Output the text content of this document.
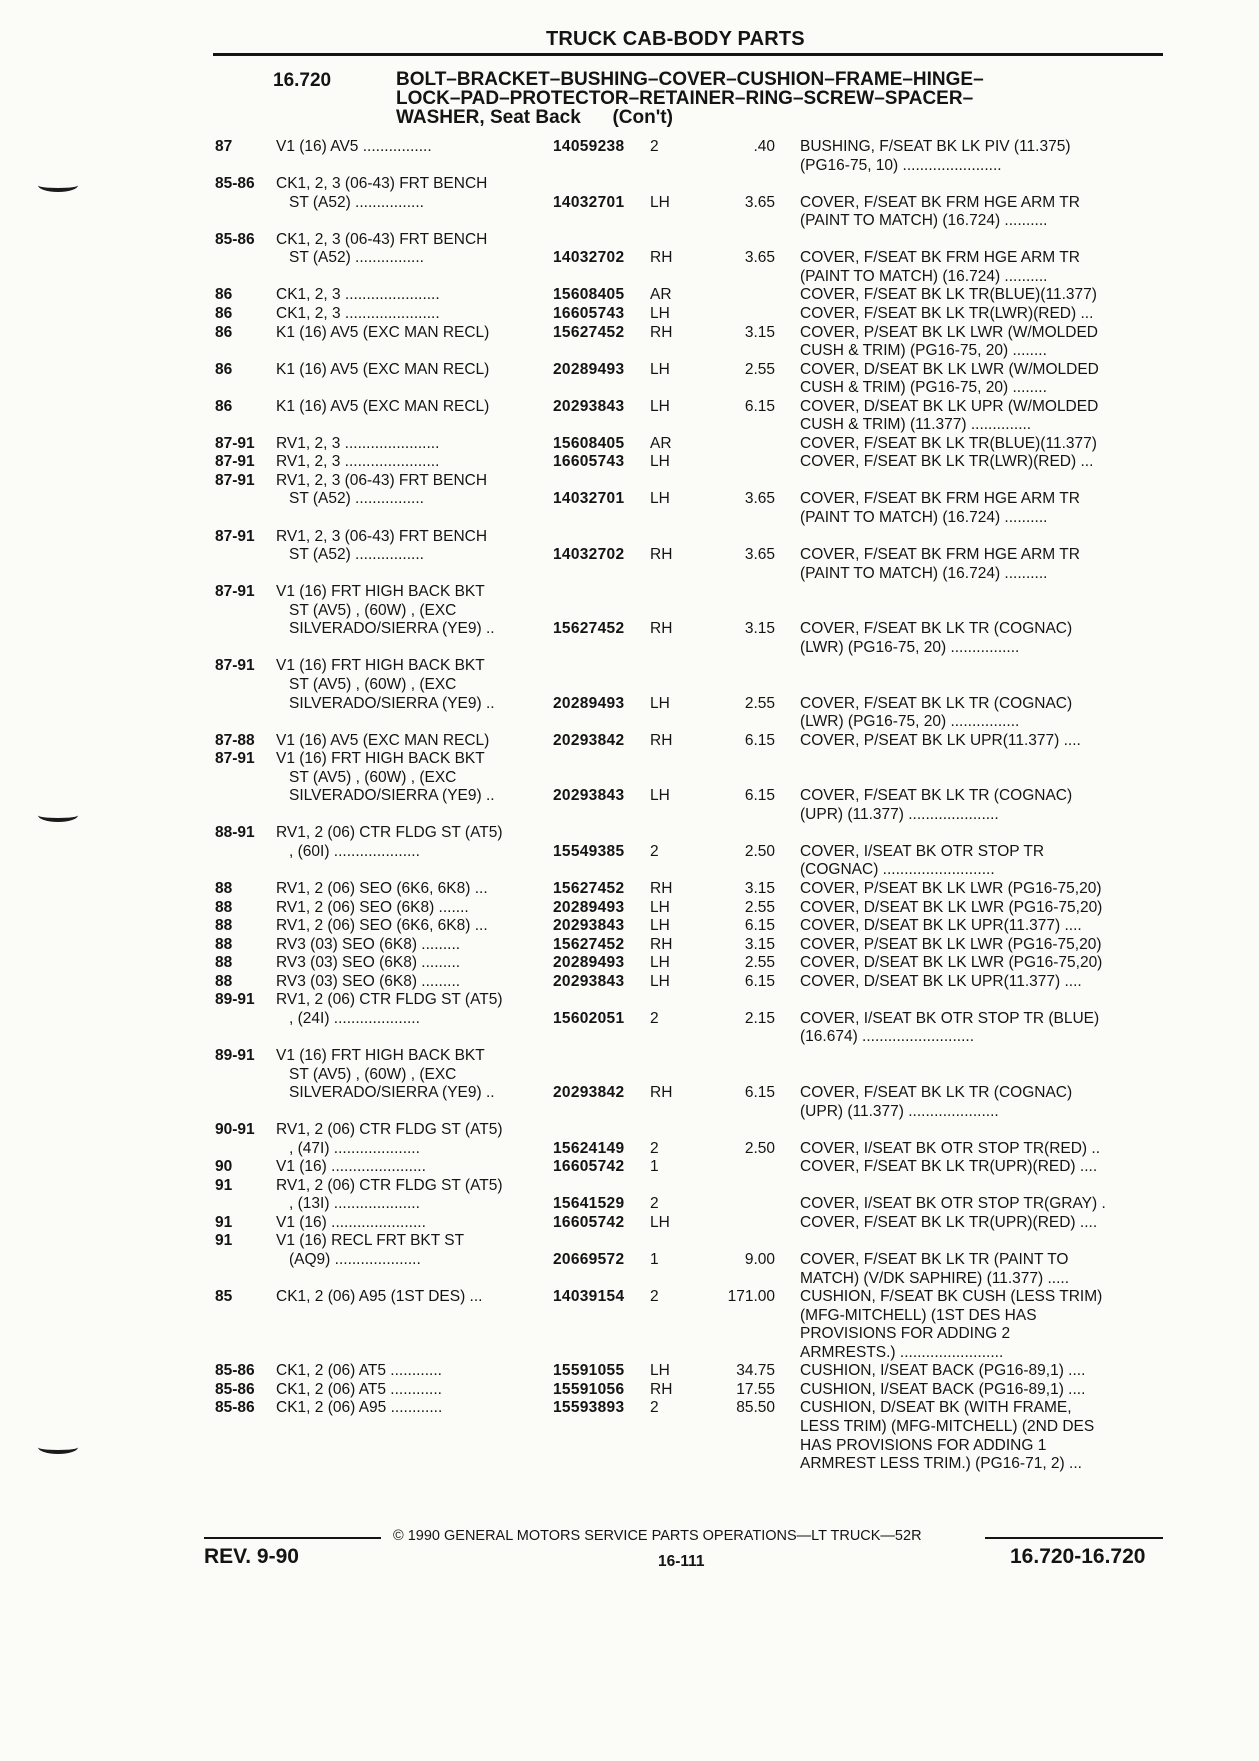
TRUCK CAB-BODY PARTS
16.720	BOLT–BRACKET–BUSHING–COVER–CUSHION–FRAME–HINGE–
LOCK–PAD–PROTECTOR–RETAINER–RING–SCREW–SPACER–
WASHER, Seat Back      (Con't)
87	V1 (16) AV5 ................	14059238	2	.40 BUSHING, F/SEAT BK LK PIV (11.375)
(PG16-75, 10) .......................
85-86	CK1, 2, 3 (06-43) FRT BENCH
ST (A52) ................	14032701	LH	3.65 COVER, F/SEAT BK FRM HGE ARM TR
(PAINT TO MATCH) (16.724) ..........
85-86	CK1, 2, 3 (06-43) FRT BENCH
ST (A52) ................	14032702	RH	3.65 COVER, F/SEAT BK FRM HGE ARM TR
(PAINT TO MATCH) (16.724) ..........
86	CK1, 2, 3 ......................	15608405	AR	COVER, F/SEAT BK LK TR(BLUE)(11.377)
86	CK1, 2, 3 ......................	16605743	LH	COVER, F/SEAT BK LK TR(LWR)(RED) ...
86	K1 (16) AV5 (EXC MAN RECL)	15627452	RH	3.15 COVER, P/SEAT BK LK LWR (W/MOLDED
CUSH & TRIM) (PG16-75, 20) ........
86	K1 (16) AV5 (EXC MAN RECL)	20289493	LH	2.55 COVER, D/SEAT BK LK LWR (W/MOLDED
CUSH & TRIM) (PG16-75, 20) ........
86	K1 (16) AV5 (EXC MAN RECL)	20293843	LH	6.15 COVER, D/SEAT BK LK UPR (W/MOLDED
CUSH & TRIM) (11.377) ..............
87-91	RV1, 2, 3 ......................	15608405	AR	COVER, F/SEAT BK LK TR(BLUE)(11.377)
87-91	RV1, 2, 3 ......................	16605743	LH	COVER, F/SEAT BK LK TR(LWR)(RED) ...
87-91	RV1, 2, 3 (06-43) FRT BENCH
ST (A52) ................	14032701	LH	3.65 COVER, F/SEAT BK FRM HGE ARM TR
(PAINT TO MATCH) (16.724) ..........
87-91	RV1, 2, 3 (06-43) FRT BENCH
ST (A52) ................	14032702	RH	3.65 COVER, F/SEAT BK FRM HGE ARM TR
(PAINT TO MATCH) (16.724) ..........
87-91	V1 (16) FRT HIGH BACK BKT
ST (AV5) , (60W) , (EXC
SILVERADO/SIERRA (YE9) ..	15627452	RH	3.15 COVER, F/SEAT BK LK TR (COGNAC)
(LWR) (PG16-75, 20) ................
87-91	V1 (16) FRT HIGH BACK BKT
ST (AV5) , (60W) , (EXC
SILVERADO/SIERRA (YE9) ..	20289493	LH	2.55 COVER, F/SEAT BK LK TR (COGNAC)
(LWR) (PG16-75, 20) ................
87-88	V1 (16) AV5 (EXC MAN RECL)	20293842	RH	6.15 COVER, P/SEAT BK LK UPR(11.377) ....
87-91	V1 (16) FRT HIGH BACK BKT
ST (AV5) , (60W) , (EXC
SILVERADO/SIERRA (YE9) ..	20293843	LH	6.15 COVER, F/SEAT BK LK TR (COGNAC)
(UPR) (11.377) .....................
88-91	RV1, 2 (06) CTR FLDG ST (AT5)
, (60I) ....................	15549385	2	2.50 COVER, I/SEAT BK OTR STOP TR
(COGNAC) ..........................
88	RV1, 2 (06) SEO (6K6, 6K8) ...	15627452	RH	3.15 COVER, P/SEAT BK LK LWR (PG16-75,20)
88	RV1, 2 (06) SEO (6K8) .......	20289493	LH	2.55 COVER, D/SEAT BK LK LWR (PG16-75,20)
88	RV1, 2 (06) SEO (6K6, 6K8) ...	20293843	LH	6.15 COVER, D/SEAT BK LK UPR(11.377) ....
88	RV3 (03) SEO (6K8) .........	15627452	RH	3.15 COVER, P/SEAT BK LK LWR (PG16-75,20)
88	RV3 (03) SEO (6K8) .........	20289493	LH	2.55 COVER, D/SEAT BK LK LWR (PG16-75,20)
88	RV3 (03) SEO (6K8) .........	20293843	LH	6.15 COVER, D/SEAT BK LK UPR(11.377) ....
89-91	RV1, 2 (06) CTR FLDG ST (AT5)
, (24I) ....................	15602051	2	2.15 COVER, I/SEAT BK OTR STOP TR (BLUE)
(16.674) ..........................
89-91	V1 (16) FRT HIGH BACK BKT
ST (AV5) , (60W) , (EXC
SILVERADO/SIERRA (YE9) ..	20293842	RH	6.15 COVER, F/SEAT BK LK TR (COGNAC)
(UPR) (11.377) .....................
90-91	RV1, 2 (06) CTR FLDG ST (AT5)
, (47I) ....................	15624149	2	2.50 COVER, I/SEAT BK OTR STOP TR(RED) ..
90	V1 (16) ......................	16605742	1	COVER, F/SEAT BK LK TR(UPR)(RED) ....
91	RV1, 2 (06) CTR FLDG ST (AT5)
, (13I) ....................	15641529	2	COVER, I/SEAT BK OTR STOP TR(GRAY) .
91	V1 (16) ......................	16605742	LH	COVER, F/SEAT BK LK TR(UPR)(RED) ....
91	V1 (16) RECL FRT BKT ST
(AQ9) ....................	20669572	1	9.00 COVER, F/SEAT BK LK TR (PAINT TO
MATCH) (V/DK SAPHIRE) (11.377) .....
85	CK1, 2 (06) A95 (1ST DES) ...	14039154	2	171.00 CUSHION, F/SEAT BK CUSH (LESS TRIM)
(MFG-MITCHELL) (1ST DES HAS
PROVISIONS FOR ADDING 2
ARMRESTS.) ........................
85-86	CK1, 2 (06) AT5 ............	15591055	LH	34.75 CUSHION, I/SEAT BACK (PG16-89,1) ....
85-86	CK1, 2 (06) AT5 ............	15591056	RH	17.55 CUSHION, I/SEAT BACK (PG16-89,1) ....
85-86	CK1, 2 (06) A95 ............	15593893	2	85.50 CUSHION, D/SEAT BK (WITH FRAME,
LESS TRIM) (MFG-MITCHELL) (2ND DES
HAS PROVISIONS FOR ADDING 1
ARMREST LESS TRIM.) (PG16-71, 2) ...
© 1990 GENERAL MOTORS SERVICE PARTS OPERATIONS—LT TRUCK—52R
REV. 9-90	16-111	16.720-16.720
